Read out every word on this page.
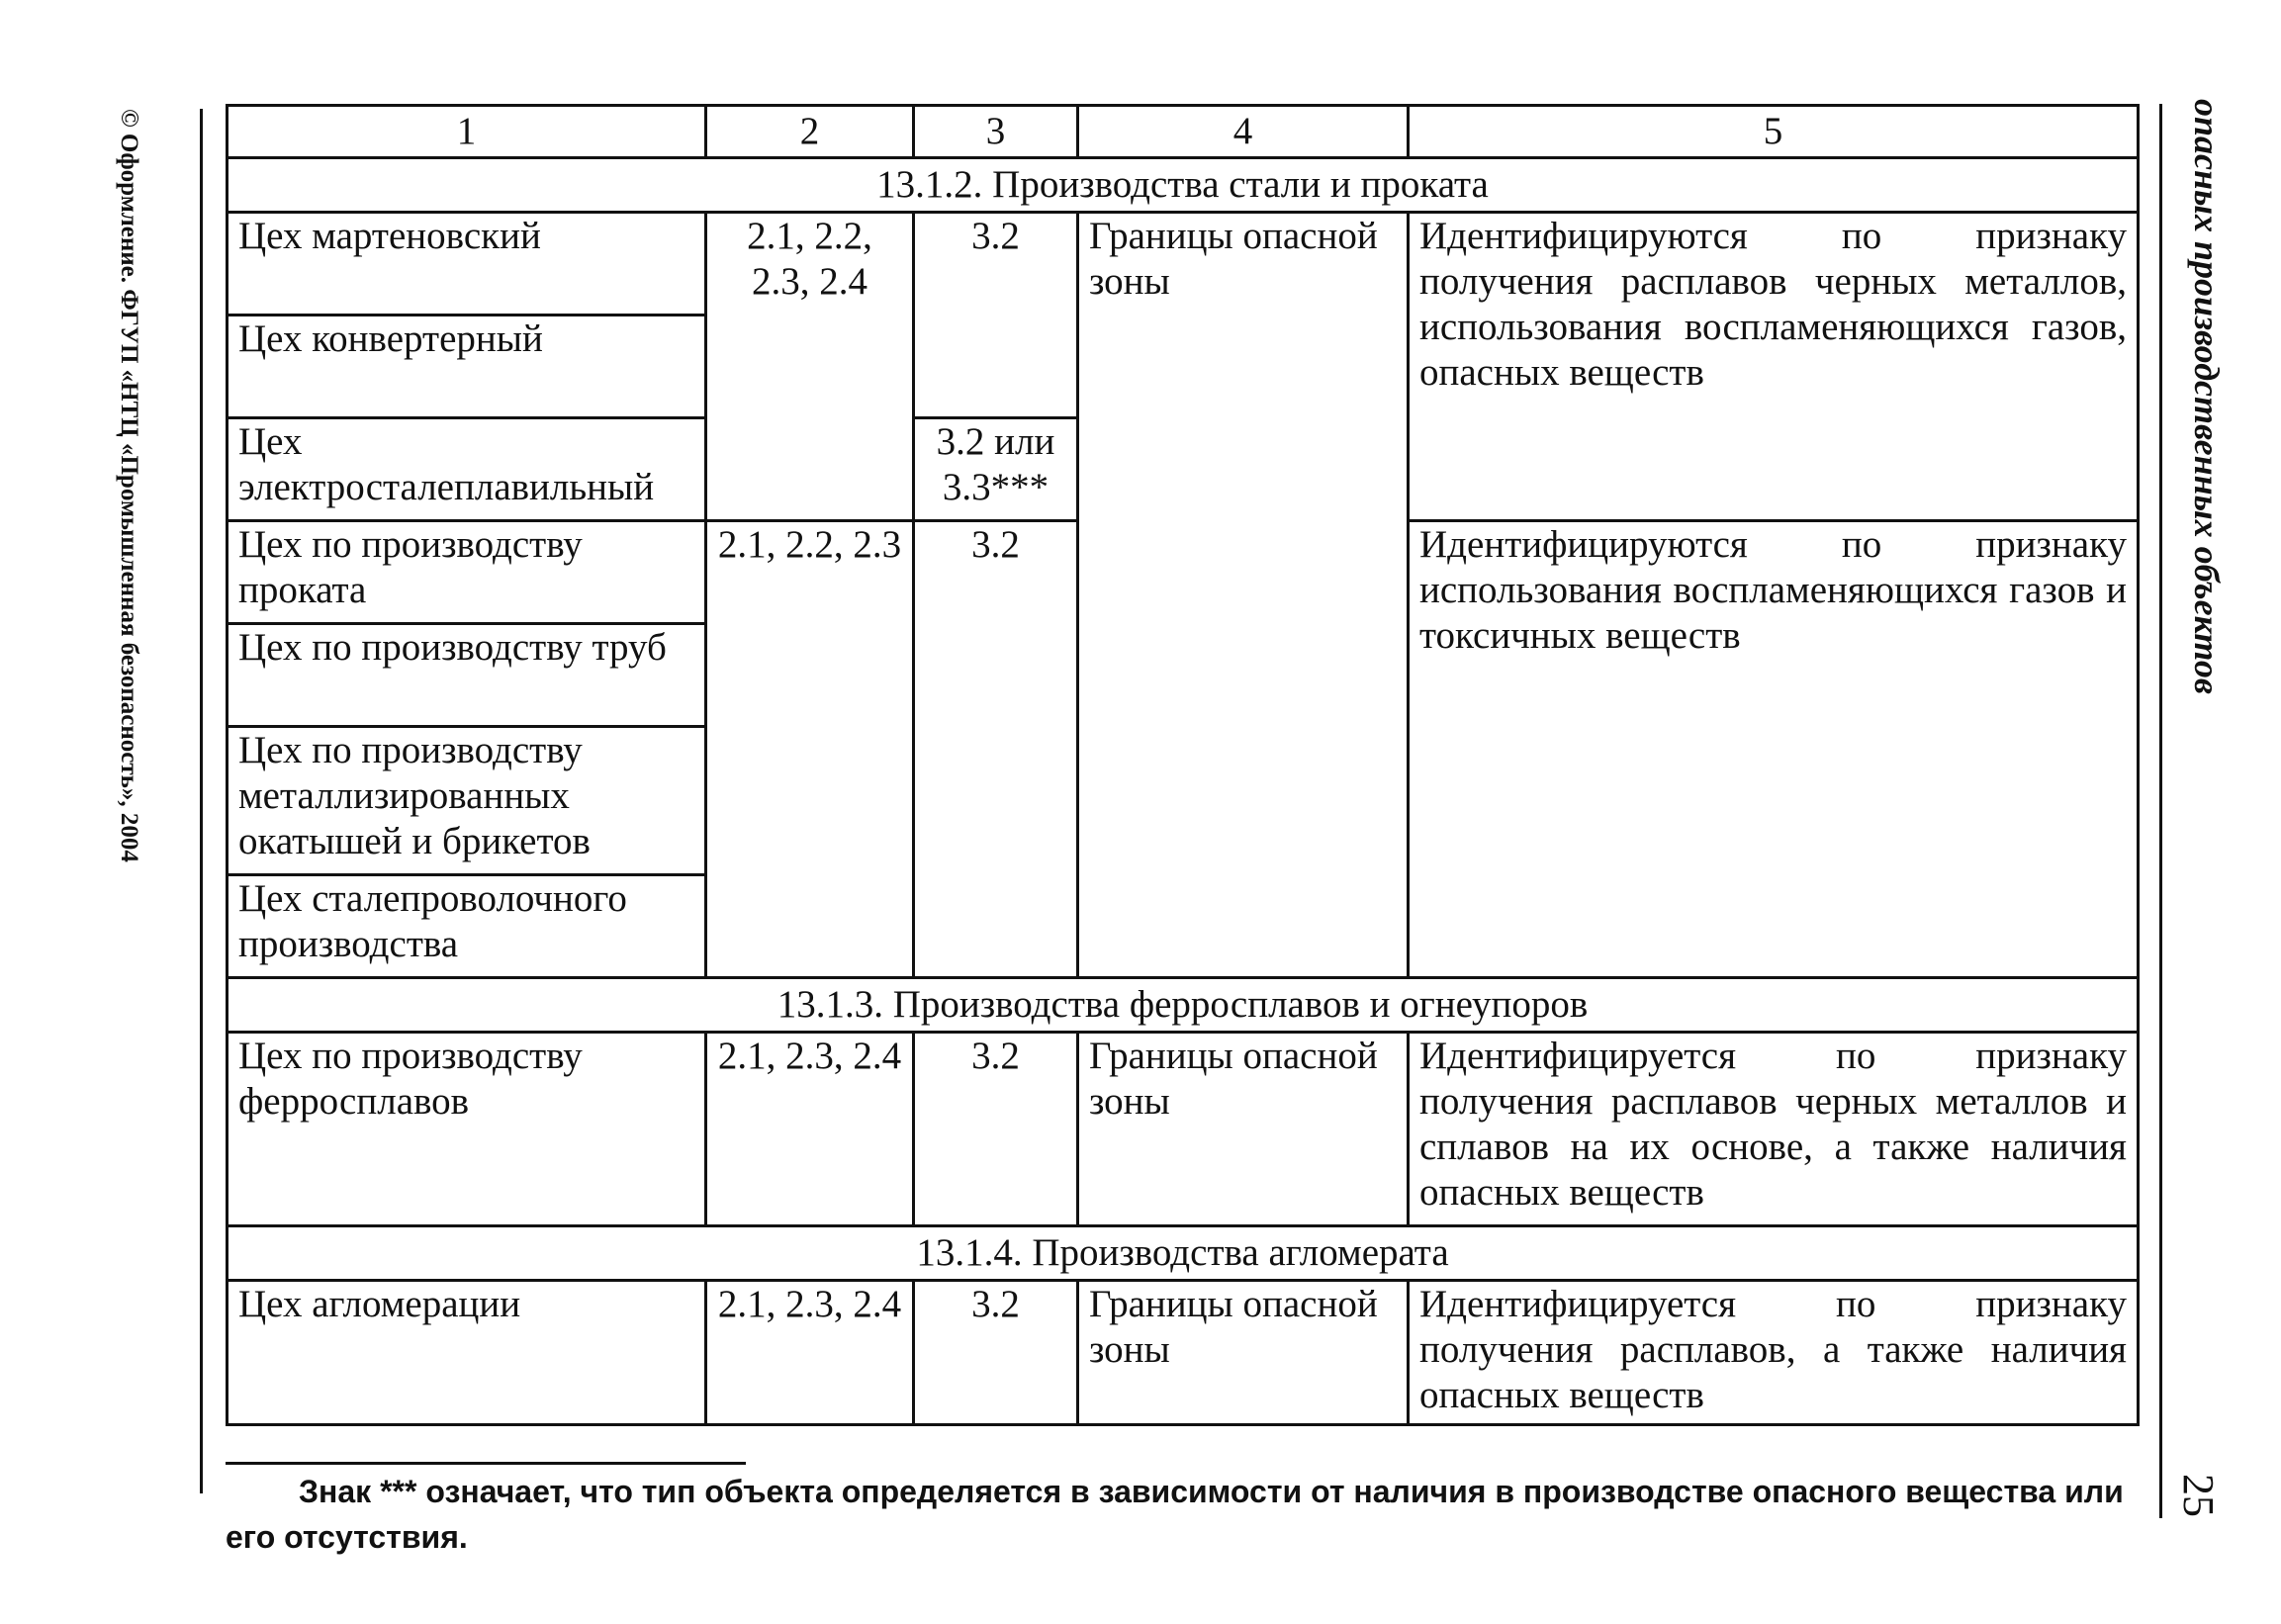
© Оформление. ФГУП «НТЦ «Промышленная безопасность», 2004	опасных производственных объектов
25
1	2	3	4	5
13.1.2. Производства стали и проката				
Цех мартеновский	2.1, 2.2, 2.3, 2.4	3.2	Границы опасной зоны	Идентифицируются по признаку получения расплавов черных металлов, использования воспламеняющихся газов, опасных веществ
Цех конвертерный				
Цех электросталеплавильный		3.2 или 3.3***		
Цех по производству проката	2.1, 2.2, 2.3	3.2		Идентифицируются по признаку использования воспламеняющихся газов и токсичных веществ
Цех по производству труб				
Цех по производству металлизированных окатышей и брикетов				
Цех сталепроволочного производства				
13.1.3. Производства ферросплавов и огнеупоров				
Цех по производству ферросплавов	2.1, 2.3, 2.4	3.2	Границы опасной зоны	Идентифицируется по признаку получения расплавов черных металлов и сплавов на их основе, а также наличия опасных веществ
13.1.4. Производства агломерата				
Цех агломерации	2.1, 2.3, 2.4	3.2	Границы опасной зоны	Идентифицируется по признаку получения расплавов, а также наличия опасных веществ
Знак *** означает, что тип объекта определяется в зависимости от наличия в производстве опасного вещества или его отсутствия.
